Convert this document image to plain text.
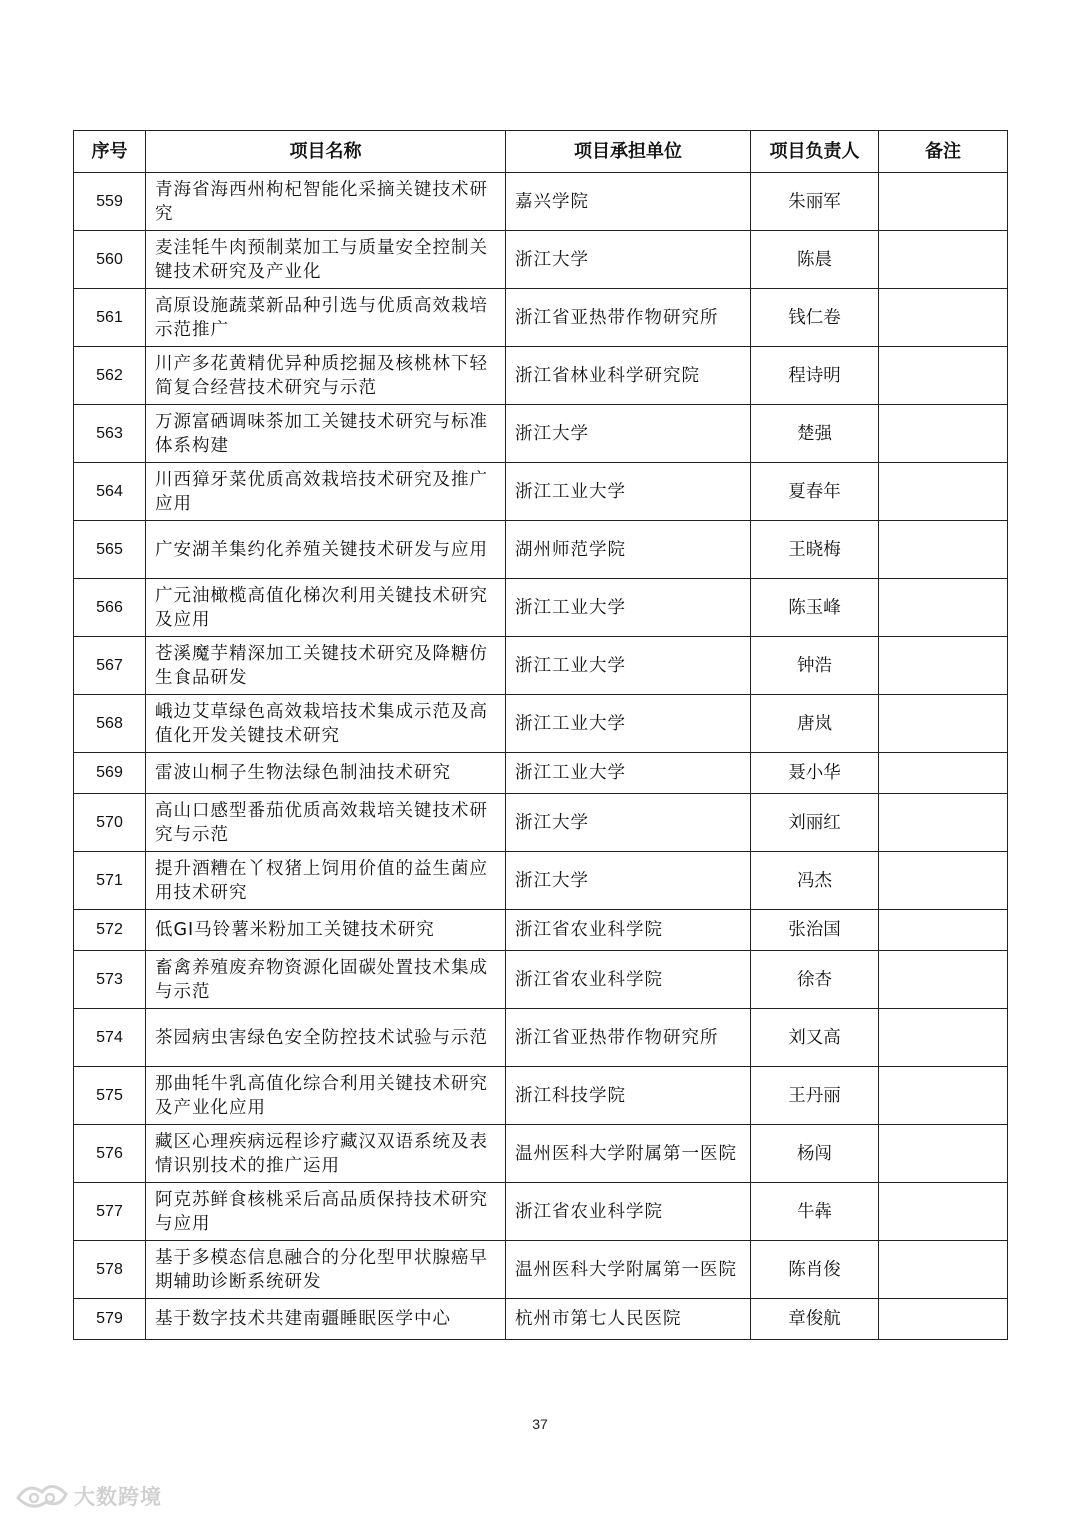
序号	项目名称	项目承担单位	项目负责人	备注
559	青海省海西州枸杞智能化采摘关键技术研究	嘉兴学院	朱丽军	
560	麦洼牦牛肉预制菜加工与质量安全控制关键技术研究及产业化	浙江大学	陈晨	
561	高原设施蔬菜新品种引选与优质高效栽培示范推广	浙江省亚热带作物研究所	钱仁卷	
562	川产多花黄精优异种质挖掘及核桃林下轻简复合经营技术研究与示范	浙江省林业科学研究院	程诗明	
563	万源富硒调味茶加工关键技术研究与标准体系构建	浙江大学	楚强	
564	川西獐牙菜优质高效栽培技术研究及推广应用	浙江工业大学	夏春年	
565	广安湖羊集约化养殖关键技术研发与应用	湖州师范学院	王晓梅	
566	广元油橄榄高值化梯次利用关键技术研究及应用	浙江工业大学	陈玉峰	
567	苍溪魔芋精深加工关键技术研究及降糖仿生食品研发	浙江工业大学	钟浩	
568	峨边艾草绿色高效栽培技术集成示范及高值化开发关键技术研究	浙江工业大学	唐岚	
569	雷波山桐子生物法绿色制油技术研究	浙江工业大学	聂小华	
570	高山口感型番茄优质高效栽培关键技术研究与示范	浙江大学	刘丽红	
571	提升酒糟在丫杈猪上饲用价值的益生菌应用技术研究	浙江大学	冯杰	
572	低GI马铃薯米粉加工关键技术研究	浙江省农业科学院	张治国	
573	畜禽养殖废弃物资源化固碳处置技术集成与示范	浙江省农业科学院	徐杏	
574	茶园病虫害绿色安全防控技术试验与示范	浙江省亚热带作物研究所	刘又高	
575	那曲牦牛乳高值化综合利用关键技术研究及产业化应用	浙江科技学院	王丹丽	
576	藏区心理疾病远程诊疗藏汉双语系统及表情识别技术的推广运用	温州医科大学附属第一医院	杨闯	
577	阿克苏鲜食核桃采后高品质保持技术研究与应用	浙江省农业科学院	牛犇	
578	基于多模态信息融合的分化型甲状腺癌早期辅助诊断系统研发	温州医科大学附属第一医院	陈肖俊	
579	基于数字技术共建南疆睡眠医学中心	杭州市第七人民医院	章俊航	
37
大数跨境
